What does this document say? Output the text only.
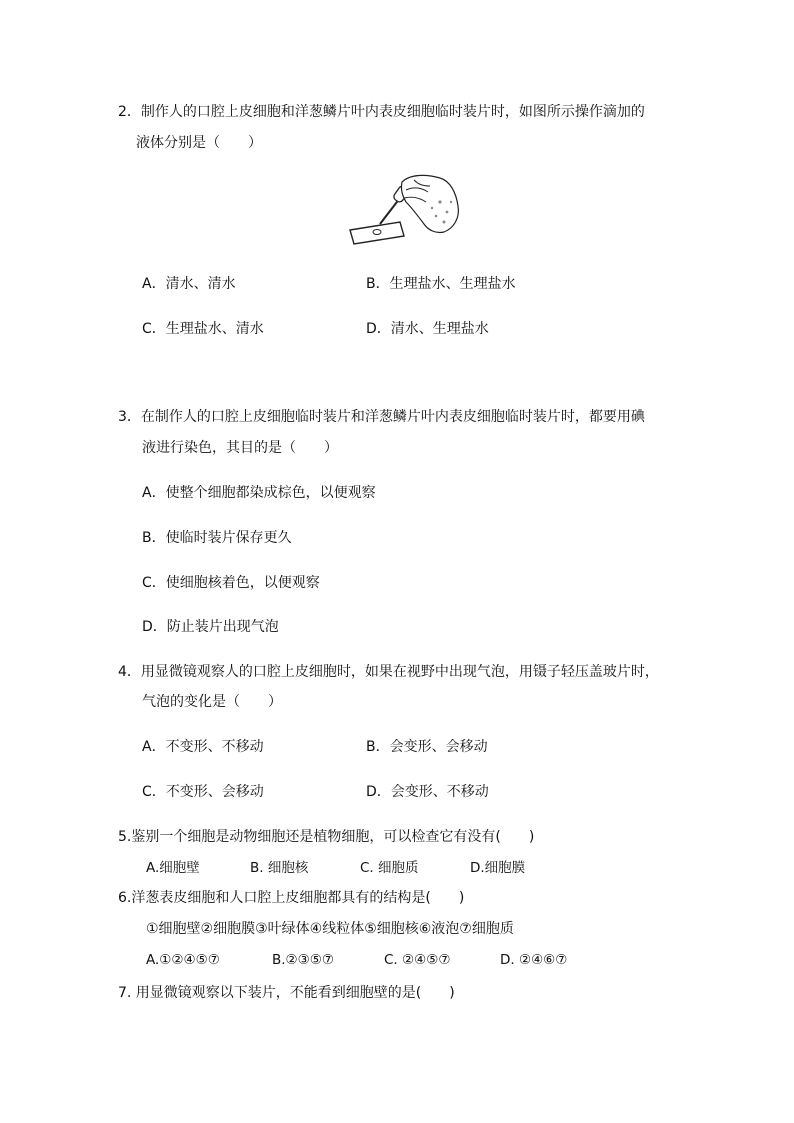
2．制作人的口腔上皮细胞和洋葱鳞片叶内表皮细胞临时装片时，如图所示操作滴加的
液体分别是（　　）
A．清水、清水	B．生理盐水、生理盐水
C．生理盐水、清水	D．清水、生理盐水
3．在制作人的口腔上皮细胞临时装片和洋葱鳞片叶内表皮细胞临时装片时，都要用碘
液进行染色，其目的是（　　）
A．使整个细胞都染成棕色，以便观察
B．使临时装片保存更久
C．使细胞核着色，以便观察
D．防止装片出现气泡
4．用显微镜观察人的口腔上皮细胞时，如果在视野中出现气泡，用镊子轻压盖玻片时，
气泡的变化是（　　）
A．不变形、不移动	B．会变形、会移动
C．不变形、会移动	D．会变形、不移动
5.鉴别一个细胞是动物细胞还是植物细胞，可以检查它有没有(　　)
A.细胞壁	B. 细胞核	C. 细胞质	D.细胞膜
6.洋葱表皮细胞和人口腔上皮细胞都具有的结构是(　　)
①细胞壁②细胞膜③叶绿体④线粒体⑤细胞核⑥液泡⑦细胞质
A.①②④⑤⑦	B.②③⑤⑦	C. ②④⑤⑦	D. ②④⑥⑦
7. 用显微镜观察以下装片，不能看到细胞壁的是(　　)
